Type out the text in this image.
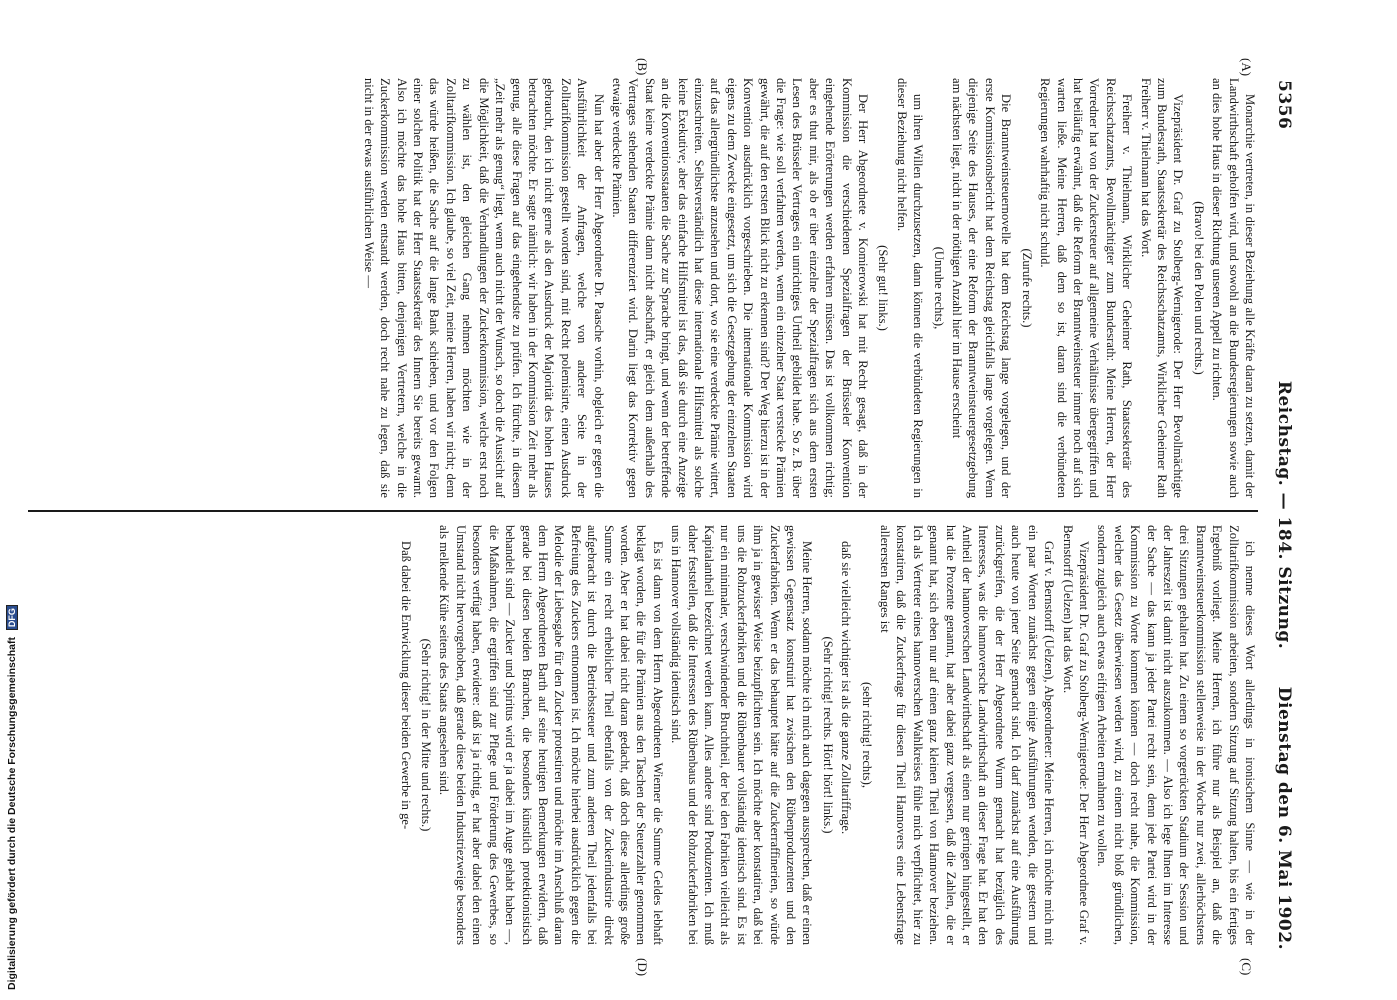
5356
Reichstag. — 184. Sitzung.
Dienstag den 6. Mai 1902.
(A)
(B)
(C)
(D)

Monarchie vertreten, in dieser Beziehung alle Kräfte daran zu setzen, damit der Landwirthschaft geholfen wird, und sowohl an die Bundesregierungen sowie auch an dies hohe Haus in dieser Richtung unseren Appell zu richten.

(Bravo! bei den Polen und rechts.)

Vizepräsident Dr. Graf zu Stolberg-Wernigerode: Der Herr Bevollmächtigte zum Bundesrath, Staatssekretär des Reichsschatzamts, Wirklicher Geheimer Rath Freiherr v. Thielmann hat das Wort.

Freiherr v. Thielmann, Wirklicher Geheimer Rath, Staatssekretär des Reichsschatzamts, Bevollmächtigter zum Bundesrath: Meine Herren, der Herr Vorredner hat von der Zuckersteuer auf allgemeine Verhältnisse übergegriffen und hat beiläufig erwähnt, daß die Reform der Branntweinsteuer immer noch auf sich warten ließe. Meine Herren, daß dem so ist, daran sind die verbündeten Regierungen wahrhaftig nicht schuld.

(Zurufe rechts.)

Die Branntweinsteuernovelle hat dem Reichstag lange vorgelegen, und der erste Kommissionsbericht hat dem Reichstag gleichfalls lange vorgelegen. Wenn diejenige Seite des Hauses, der eine Reform der Branntweinsteuergesetzgebung am nächsten liegt, nicht in der nöthigen Anzahl hier im Hause erscheint

(Unruhe rechts),

um ihren Willen durchzusetzen, dann können die verbündeten Regierungen in dieser Beziehung nicht helfen.

(Sehr gut! links.)

Der Herr Abgeordnete v. Komierowski hat mit Recht gesagt, daß in der Kommission die verschiedenen Spezialfragen der Brüsseler Konvention eingehende Erörterungen werden erfahren müssen. Das ist vollkommen richtig; aber es thut mir, als ob er über einzelne der Spezialfragen sich aus dem ersten Lesen des Brüsseler Vertrages ein unrichtiges Urtheil gebildet habe. So z. B. über die Frage: wie soll verfahren werden, wenn ein einzelner Staat verstecke Prämien gewährt, die auf den ersten Blick nicht zu erkennen sind? Der Weg hierzu ist in der Konvention ausdrücklich vorgeschrieben. Die internationale Kommission wird eigens zu dem Zwecke eingesetzt, um sich die Gesetzgebung der einzelnen Staaten auf das allergründlichste anzusehen und dort, wo sie eine verdeckte Prämie wittert, einzuschreiten. Selbstverständlich hat diese internationale Hilfsmittel als solche keine Exekutive; aber das einfache Hilfsmittel ist das, daß sie durch eine Anzeige an die Konventionsstaaten die Sache zur Sprache bringt, und wenn der betreffende Staat keine verdeckte Prämie dann nicht abschafft, er gleich dem außerhalb des Vertrages stehenden Staaten differenziert wird. Darin liegt das Korrektiv gegen etwaige verdeckte Prämien.

Nun hat aber der Herr Abgeordnete Dr. Paasche vorhin, obgleich er gegen die Ausführlichkeit der Anfragen, welche von anderer Seite in der Zolltarifkommission gestellt worden sind, mit Recht polemisirte, einen Ausdruck gebraucht, den ich nicht gerne als den Ausdruck der Majorität des hohen Hauses betrachten möchte. Er sagte nämlich: wir haben in der Kommission Zeit mehr als genug, alle diese Fragen auf das eingehendste zu prüfen. Ich fürchte, in diesem „Zeit mehr als genug“ liegt, wenn auch nicht der Wunsch, so doch die Aussicht auf die Möglichkeit, daß die Verhandlungen der Zuckerkommission, welche erst noch zu wählen ist, den gleichen Gang nehmen möchten wie in der Zolltarifkommission. Ich glaube, so viel Zeit, meine Herren, haben wir nicht; denn das würde heißen, die Sache auf die lange Bank schieben, und vor den Folgen einer solchen Politik hat der Herr Staatssekretär des Innern Sie bereits gewarnt. Also ich möchte das hohe Haus bitten, denjenigen Vertretern, welche in die Zuckerkommission werden entsandt werden, doch recht nahe zu legen, daß sie nicht in der etwas ausführlichen Weise —

ich nenne dieses Wort allerdings in ironischem Sinne — wie in der Zolltarifkommission arbeiten, sondern Sitzung auf Sitzung halten, bis ein fertiges Ergebniß vorliegt. Meine Herren, ich führe nur als Beispiel an, daß die Branntweinsteuerkommission stellenweise in der Woche nur zwei, allerhöchstens drei Sitzungen gehalten hat. Zu einem so vorgerückten Stadium der Session und der Jahreszeit ist damit nicht auszukommen. — Also ich lege Ihnen im Interesse der Sache — das kann ja jeder Partei recht sein, denn jede Partei wird in der Kommission zu Worte kommen können — doch recht nahe, die Kommission, welcher das Gesetz überwiesen werden wird, zu einem nicht bloß gründlichen, sondern zugleich auch etwas eifrigen Arbeiten ermahnen zu wollen.

Vizepräsident Dr. Graf zu Stolberg-Wernigerode: Der Herr Abgeordnete Graf v. Bernstorff (Uelzen) hat das Wort.

Graf v. Bernstorff (Uelzen), Abgeordneter: Meine Herren, ich möchte mich mit ein paar Worten zunächst gegen einige Ausführungen wenden, die gestern und auch heute von jener Seite gemacht sind. Ich darf zunächst auf eine Ausführung zurückgreifen, die der Herr Abgeordnete Wurm gemacht hat bezüglich des Interesses, was die hannoversche Landwirthschaft an dieser Frage hat. Er hat den Antheil der hannoverschen Landwirthschaft als einen nur geringen hingestellt, er hat die Prozente genannt, hat aber dabei ganz vergessen, daß die Zahlen, die er genannt hat, sich eben nur auf einen ganz kleinen Theil von Hannover beziehen. Ich als Vertreter eines hannoverschen Wahlkreises fühle mich verpflichtet, hier zu konstatiren, daß die Zuckerfrage für diesen Theil Hannovers eine Lebensfrage allerersten Ranges ist

(sehr richtig! rechts),

daß sie vielleicht wichtiger ist als die ganze Zolltariffrage.

(Sehr richtig! rechts. Hört! hört! links.)

Meine Herren, sodann möchte ich mich auch dagegen aussprechen, daß er einen gewissen Gegensatz konstruirt hat zwischen den Rübenproduzenten und den Zuckerfabriken. Wenn er das behauptet hätte auf die Zuckerraffinerien, so würde ihm ja in gewisser Weise beizupflichten sein. Ich möchte aber konstatiren, daß bei uns die Rohzuckerfabriken und die Rübenbauer vollständig identisch sind. Es ist nur ein minimaler, verschwindender Bruchtheil, der bei den Fabriken vielleicht als Kapitalantheil bezeichnet werden kann. Alles andere sind Produzenten. Ich muß daher feststellen, daß die Interessen des Rübenbaus und der Rohzuckerfabriken bei uns in Hannover vollständig identisch sind.

Es ist dann von dem Herrn Abgeordneten Wiemer die Summe Geldes lebhaft beklagt worden, die für die Prämien aus den Taschen der Steuerzahler genommen worden. Aber er hat dabei nicht daran gedacht, daß doch diese allerdings große Summe ein recht erheblicher Theil ebenfalls von der Zuckerindustrie direkt aufgebracht ist durch die Betriebssteuer und zum anderen Theil jedenfalls bei Befreiung des Zuckers entnommen ist. Ich möchte hierbei ausdrücklich gegen die Melodie der Liebesgabe für den Zucker protestiren und möchte im Anschluß daran dem Herrn Abgeordneten Barth auf seine heutigen Bemerkungen erwidern, daß gerade bei diesen beiden Branchen, die besonders künstlich protektionistisch behandelt sind — Zucker und Spiritus wird er ja dabei im Auge gehabt haben —, die Maßnahmen, die ergriffen sind zur Pflege und Förderung des Gewerbes, so besonders verfügt haben, erwidere: daß ist ja richtig, er hat aber dabei den einen Umstand nicht hervorgehoben, daß gerade diese beiden Industriezweige besonders als melkende Kühe seitens des Staats angesehen sind.

(Sehr richtig! in der Mitte und rechts.)

Daß dabei die Entwicklung dieser beiden Gewerbe in ge-

Digitalisierung gefördert durch die Deutsche Forschungsgemeinschaft DFG
